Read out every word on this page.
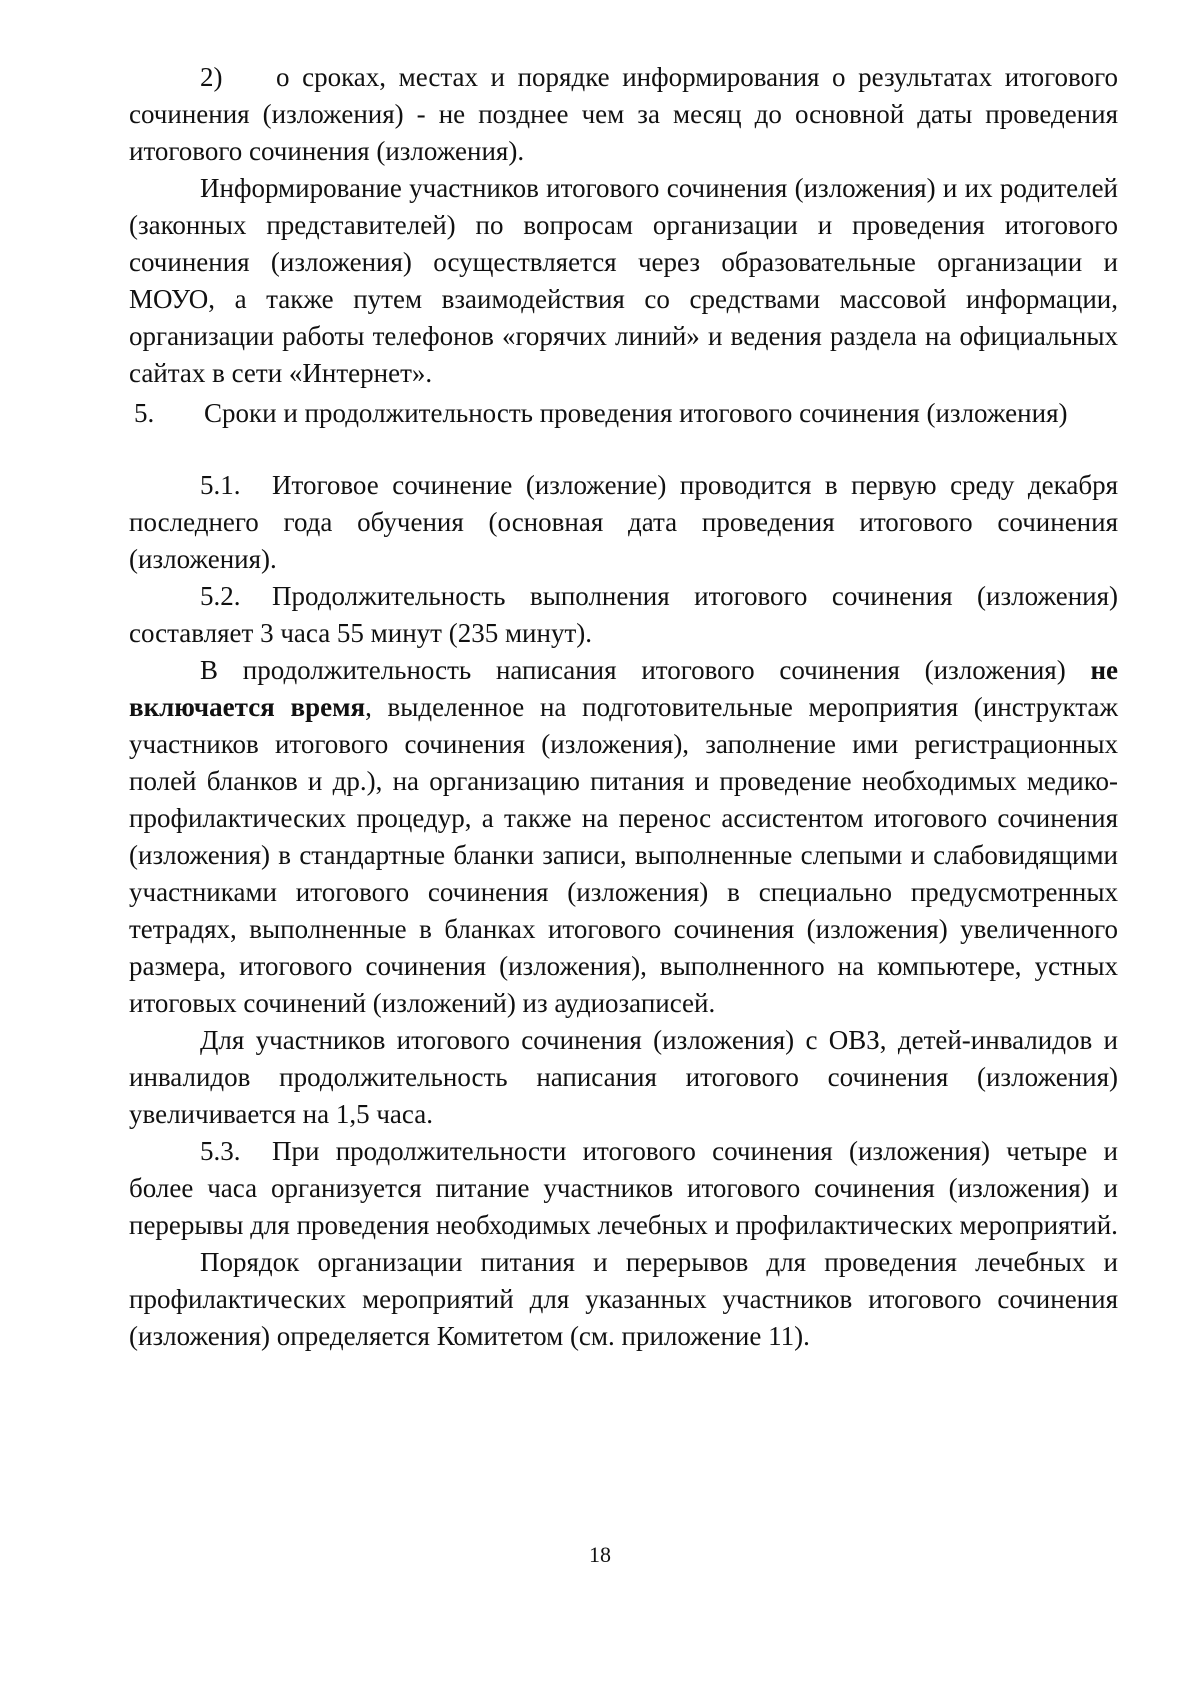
2) о сроках, местах и порядке информирования о результатах итогового сочинения (изложения) - не позднее чем за месяц до основной даты проведения итогового сочинения (изложения).

Информирование участников итогового сочинения (изложения) и их родителей (законных представителей) по вопросам организации и проведения итогового сочинения (изложения) осуществляется через образовательные организации и МОУО, а также путем взаимодействия со средствами массовой информации, организации работы телефонов «горячих линий» и ведения раздела на официальных сайтах в сети «Интернет».

5. Сроки и продолжительность проведения итогового сочинения (изложения)

5.1. Итоговое сочинение (изложение) проводится в первую среду декабря последнего года обучения (основная дата проведения итогового сочинения (изложения).

5.2. Продолжительность выполнения итогового сочинения (изложения) составляет 3 часа 55 минут (235 минут).

В продолжительность написания итогового сочинения (изложения) не включается время, выделенное на подготовительные мероприятия (инструктаж участников итогового сочинения (изложения), заполнение ими регистрационных полей бланков и др.), на организацию питания и проведение необходимых медико-профилактических процедур, а также на перенос ассистентом итогового сочинения (изложения) в стандартные бланки записи, выполненные слепыми и слабовидящими участниками итогового сочинения (изложения) в специально предусмотренных тетрадях, выполненные в бланках итогового сочинения (изложения) увеличенного размера, итогового сочинения (изложения), выполненного на компьютере, устных итоговых сочинений (изложений) из аудиозаписей.

Для участников итогового сочинения (изложения) с ОВЗ, детей-инвалидов и инвалидов продолжительность написания итогового сочинения (изложения) увеличивается на 1,5 часа.

5.3. При продолжительности итогового сочинения (изложения) четыре и более часа организуется питание участников итогового сочинения (изложения) и перерывы для проведения необходимых лечебных и профилактических мероприятий.

Порядок организации питания и перерывов для проведения лечебных и профилактических мероприятий для указанных участников итогового сочинения (изложения) определяется Комитетом (см. приложение 11).

18
